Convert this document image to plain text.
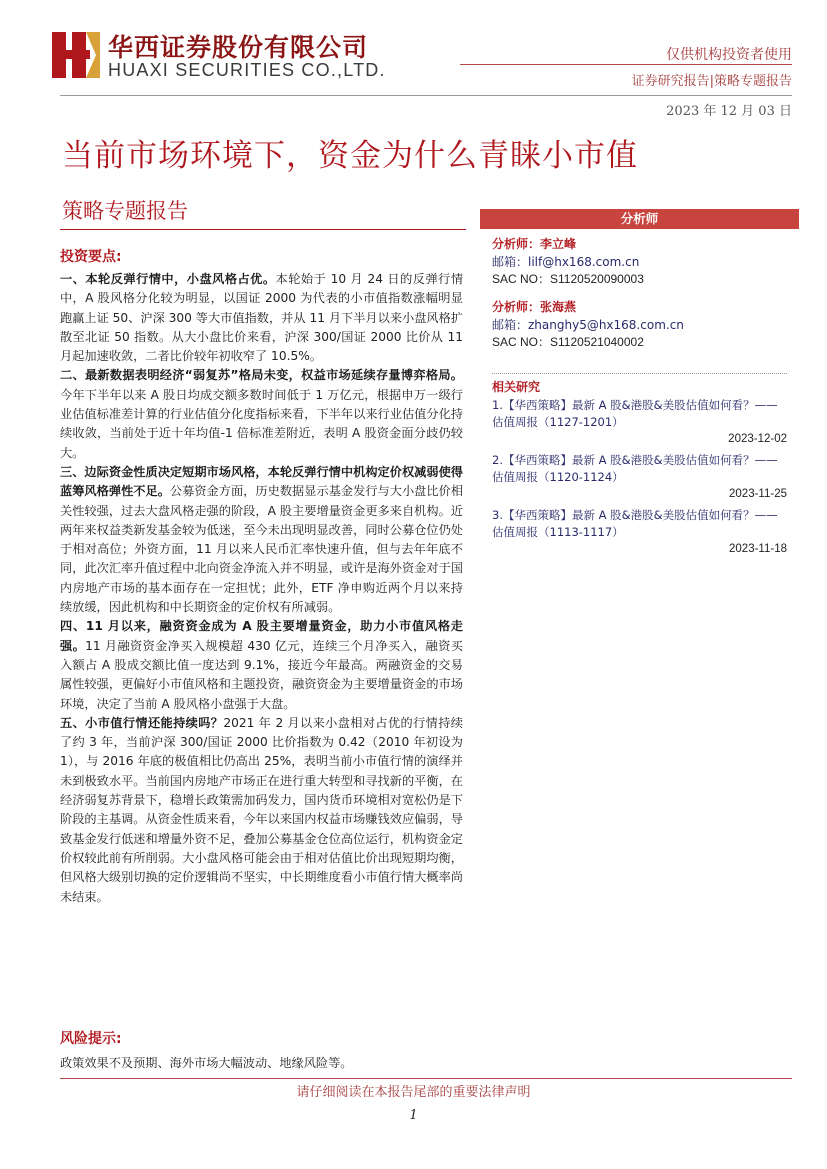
华西证券股份有限公司
HUAXI SECURITIES CO.,LTD.
仅供机构投资者使用
证券研究报告|策略专题报告
2023 年 12 月 03 日
当前市场环境下，资金为什么青睐小市值
策略专题报告
投资要点:

一、本轮反弹行情中，小盘风格占优。本轮始于 10 月 24 日的反弹行情中，A 股风格分化较为明显，以国证 2000 为代表的小市值指数涨幅明显跑赢上证 50、沪深 300 等大市值指数，并从 11 月下半月以来小盘风格扩散至北证 50 指数。从大小盘比价来看，沪深 300/国证 2000 比价从 11 月起加速收敛，二者比价较年初收窄了 10.5%。

二、最新数据表明经济“弱复苏”格局未变，权益市场延续存量博弈格局。今年下半年以来 A 股日均成交额多数时间低于 1 万亿元，根据申万一级行业估值标准差计算的行业估值分化度指标来看，下半年以来行业估值分化持续收敛，当前处于近十年均值-1 倍标准差附近，表明 A 股资金面分歧仍较大。

三、边际资金性质决定短期市场风格，本轮反弹行情中机构定价权减弱使得蓝筹风格弹性不足。公募资金方面，历史数据显示基金发行与大小盘比价相关性较强，过去大盘风格走强的阶段，A 股主要增量资金更多来自机构。近两年来权益类新发基金较为低迷，至今未出现明显改善，同时公募仓位仍处于相对高位；外资方面，11 月以来人民币汇率快速升值，但与去年年底不同，此次汇率升值过程中北向资金净流入并不明显，或许是海外资金对于国内房地产市场的基本面存在一定担忧；此外，ETF 净申购近两个月以来持续放缓，因此机构和中长期资金的定价权有所减弱。

四、11 月以来，融资资金成为 A 股主要增量资金，助力小市值风格走强。11 月融资资金净买入规模超 430 亿元，连续三个月净买入，融资买入额占 A 股成交额比值一度达到 9.1%，接近今年最高。两融资金的交易属性较强，更偏好小市值风格和主题投资，融资资金为主要增量资金的市场环境，决定了当前 A 股风格小盘强于大盘。

五、小市值行情还能持续吗？2021 年 2 月以来小盘相对占优的行情持续了约 3 年，当前沪深 300/国证 2000 比价指数为 0.42（2010 年初设为 1），与 2016 年底的极值相比仍高出 25%，表明当前小市值行情的演绎并未到极致水平。当前国内房地产市场正在进行重大转型和寻找新的平衡，在经济弱复苏背景下，稳增长政策需加码发力，国内货币环境相对宽松仍是下阶段的主基调。从资金性质来看，今年以来国内权益市场赚钱效应偏弱，导致基金发行低迷和增量外资不足，叠加公募基金仓位高位运行，机构资金定价权较此前有所削弱。大小盘风格可能会由于相对估值比价出现短期均衡，但风格大级别切换的定价逻辑尚不坚实，中长期维度看小市值行情大概率尚未结束。

风险提示:
政策效果不及预期、海外市场大幅波动、地缘风险等。
分析师
分析师：李立峰
邮箱：lilf@hx168.com.cn
SAC NO：S1120520090003
分析师：张海燕
邮箱：zhanghy5@hx168.com.cn
SAC NO：S1120521040002
相关研究
1.【华西策略】最新 A 股&港股&美股估值如何看？——估值周报（1127-1201）
2023-12-02
2.【华西策略】最新 A 股&港股&美股估值如何看？——估值周报（1120-1124）
2023-11-25
3.【华西策略】最新 A 股&港股&美股估值如何看？——估值周报（1113-1117）
2023-11-18
请仔细阅读在本报告尾部的重要法律声明
1
